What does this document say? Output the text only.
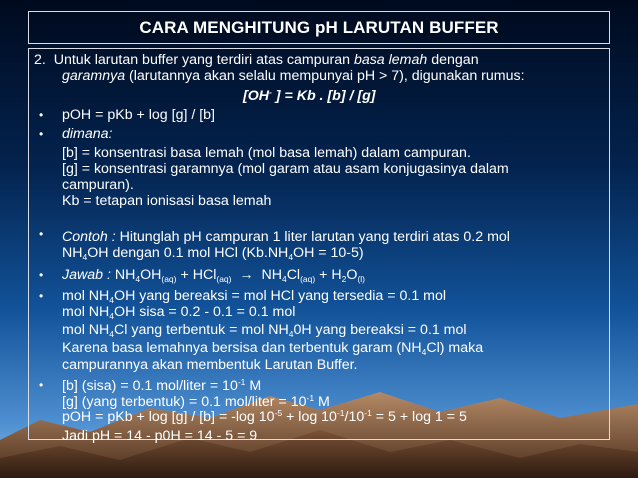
CARA MENGHITUNG pH LARUTAN BUFFER
2. Untuk larutan buffer yang terdiri atas campuran basa lemah dengan
garamnya (larutannya akan selalu mempunyai pH > 7), digunakan rumus:
[OH- ] = Kb . [b] / [g]
• pOH = pKb + log [g] / [b]
• dimana:
[b] = konsentrasi basa lemah (mol basa lemah) dalam campuran.
[g] = konsentrasi garamnya (mol garam atau asam konjugasinya dalam
campuran).
Kb = tetapan ionisasi basa lemah
• Contoh : Hitunglah pH campuran 1 liter larutan yang terdiri atas 0.2 mol
$NH_4OH$ dengan 0.1 mol HCl $(Kb.NH_4OH = 10-5)$
• Jawab : $NH_4OH_{(aq)} + HCl_{(aq)} \to NH_4Cl_{(aq)} + H_2O_{(l)}$
• mol $NH_4OH$ yang bereaksi = mol HCl yang tersedia = 0.1 mol
mol $NH_4OH$ sisa = 0.2 - 0.1 = 0.1 mol
mol $NH_4Cl$ yang terbentuk = mol $NH_40H$ yang bereaksi = 0.1 mol
Karena basa lemahnya bersisa dan terbentuk garam $(NH_4Cl)$ maka
campurannya akan membentuk Larutan Buffer.
• [b] (sisa) = 0.1 mol/liter = $10^{-1}$ M
[g] (yang terbentuk) = 0.1 mol/liter = $10^{-1}$ M
pOH = pKb + log [g] / [b] = -log $10^{-5} + \log 10^{-1}/10^{-1} = 5 + \log 1 = 5$
Jadi pH = 14 - p0H = 14 - 5 = 9
